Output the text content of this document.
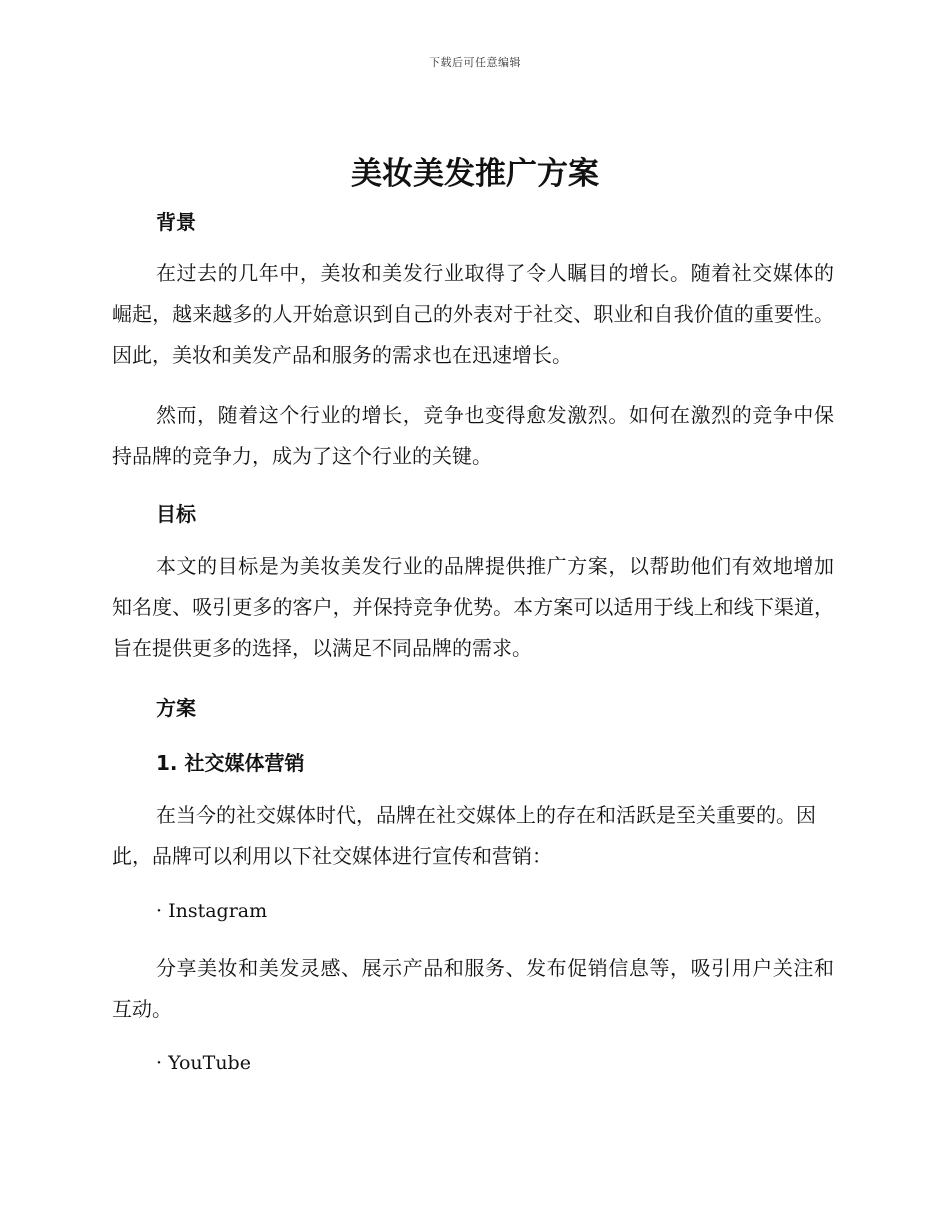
下载后可任意编辑
美妆美发推广方案
背景

在过去的几年中，美妆和美发行业取得了令人瞩目的增长。随着社交媒体的崛起，越来越多的人开始意识到自己的外表对于社交、职业和自我价值的重要性。因此，美妆和美发产品和服务的需求也在迅速增长。

然而，随着这个行业的增长，竞争也变得愈发激烈。如何在激烈的竞争中保持品牌的竞争力，成为了这个行业的关键。

目标

本文的目标是为美妆美发行业的品牌提供推广方案，以帮助他们有效地增加知名度、吸引更多的客户，并保持竞争优势。本方案可以适用于线上和线下渠道，旨在提供更多的选择，以满足不同品牌的需求。

方案
1. 社交媒体营销

在当今的社交媒体时代，品牌在社交媒体上的存在和活跃是至关重要的。因此，品牌可以利用以下社交媒体进行宣传和营销：

· Instagram

分享美妆和美发灵感、展示产品和服务、发布促销信息等，吸引用户关注和互动。

· YouTube
